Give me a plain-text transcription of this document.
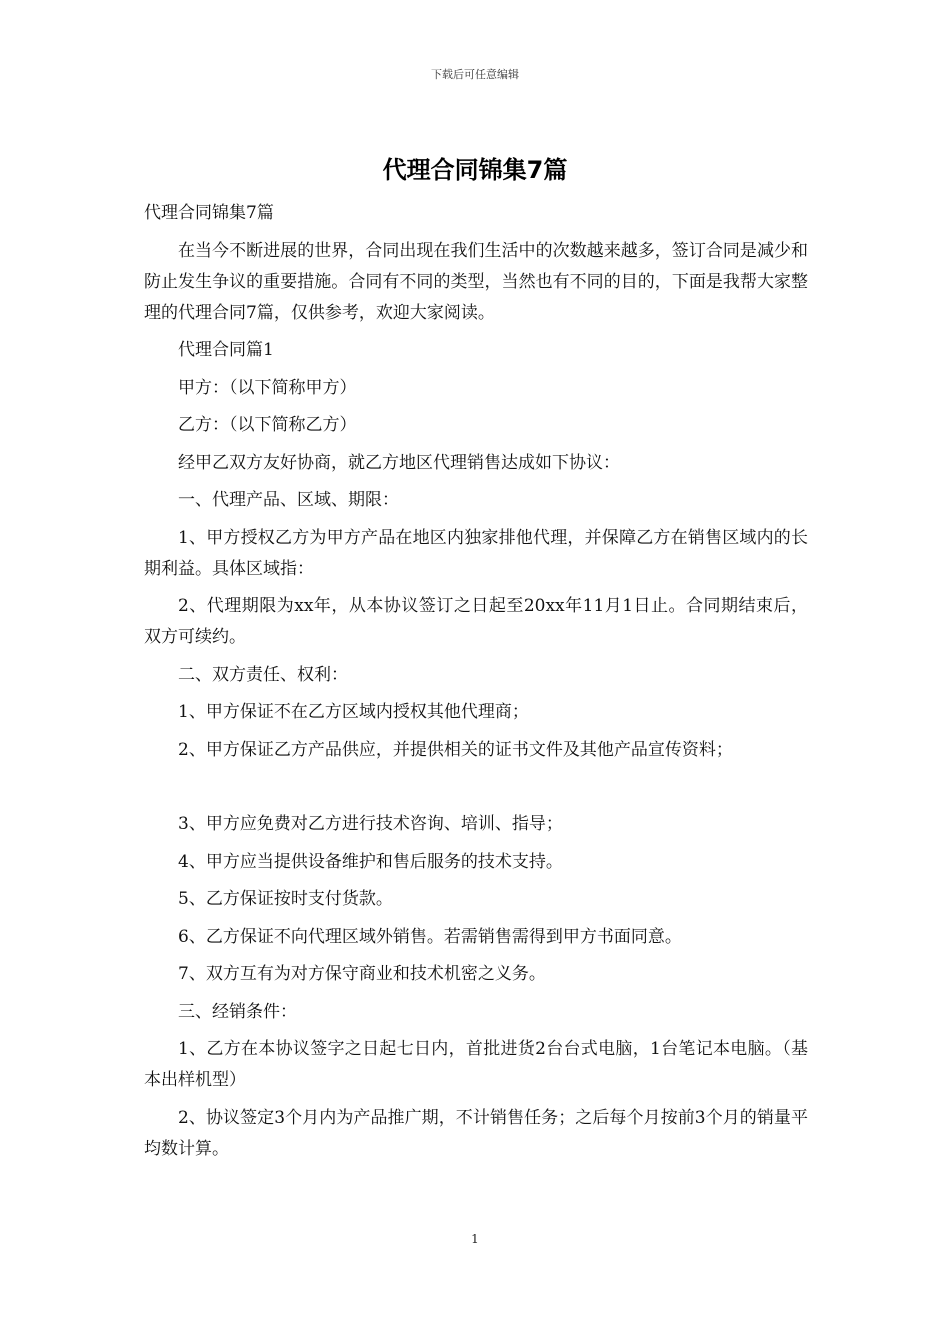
下载后可任意编辑
代理合同锦集7篇

代理合同锦集7篇

在当今不断进展的世界，合同出现在我们生活中的次数越来越多，签订合同是减少和防止发生争议的重要措施。合同有不同的类型，当然也有不同的目的，下面是我帮大家整理的代理合同7篇，仅供参考，欢迎大家阅读。

代理合同篇1

甲方：（以下简称甲方）

乙方：（以下简称乙方）

经甲乙双方友好协商，就乙方地区代理销售达成如下协议：

一、代理产品、区域、期限：

1、甲方授权乙方为甲方产品在地区内独家排他代理，并保障乙方在销售区域内的长期利益。具体区域指：

2、代理期限为xx年，从本协议签订之日起至20xx年11月1日止。合同期结束后，双方可续约。

二、双方责任、权利：

1、甲方保证不在乙方区域内授权其他代理商；

2、甲方保证乙方产品供应，并提供相关的证书文件及其他产品宣传资料；

3、甲方应免费对乙方进行技术咨询、培训、指导；

4、甲方应当提供设备维护和售后服务的技术支持。

5、乙方保证按时支付货款。

6、乙方保证不向代理区域外销售。若需销售需得到甲方书面同意。

7、双方互有为对方保守商业和技术机密之义务。

三、经销条件：

1、乙方在本协议签字之日起七日内，首批进货2台台式电脑，1台笔记本电脑。（基本出样机型）

2、协议签定3个月内为产品推广期，不计销售任务；之后每个月按前3个月的销量平均数计算。

1
